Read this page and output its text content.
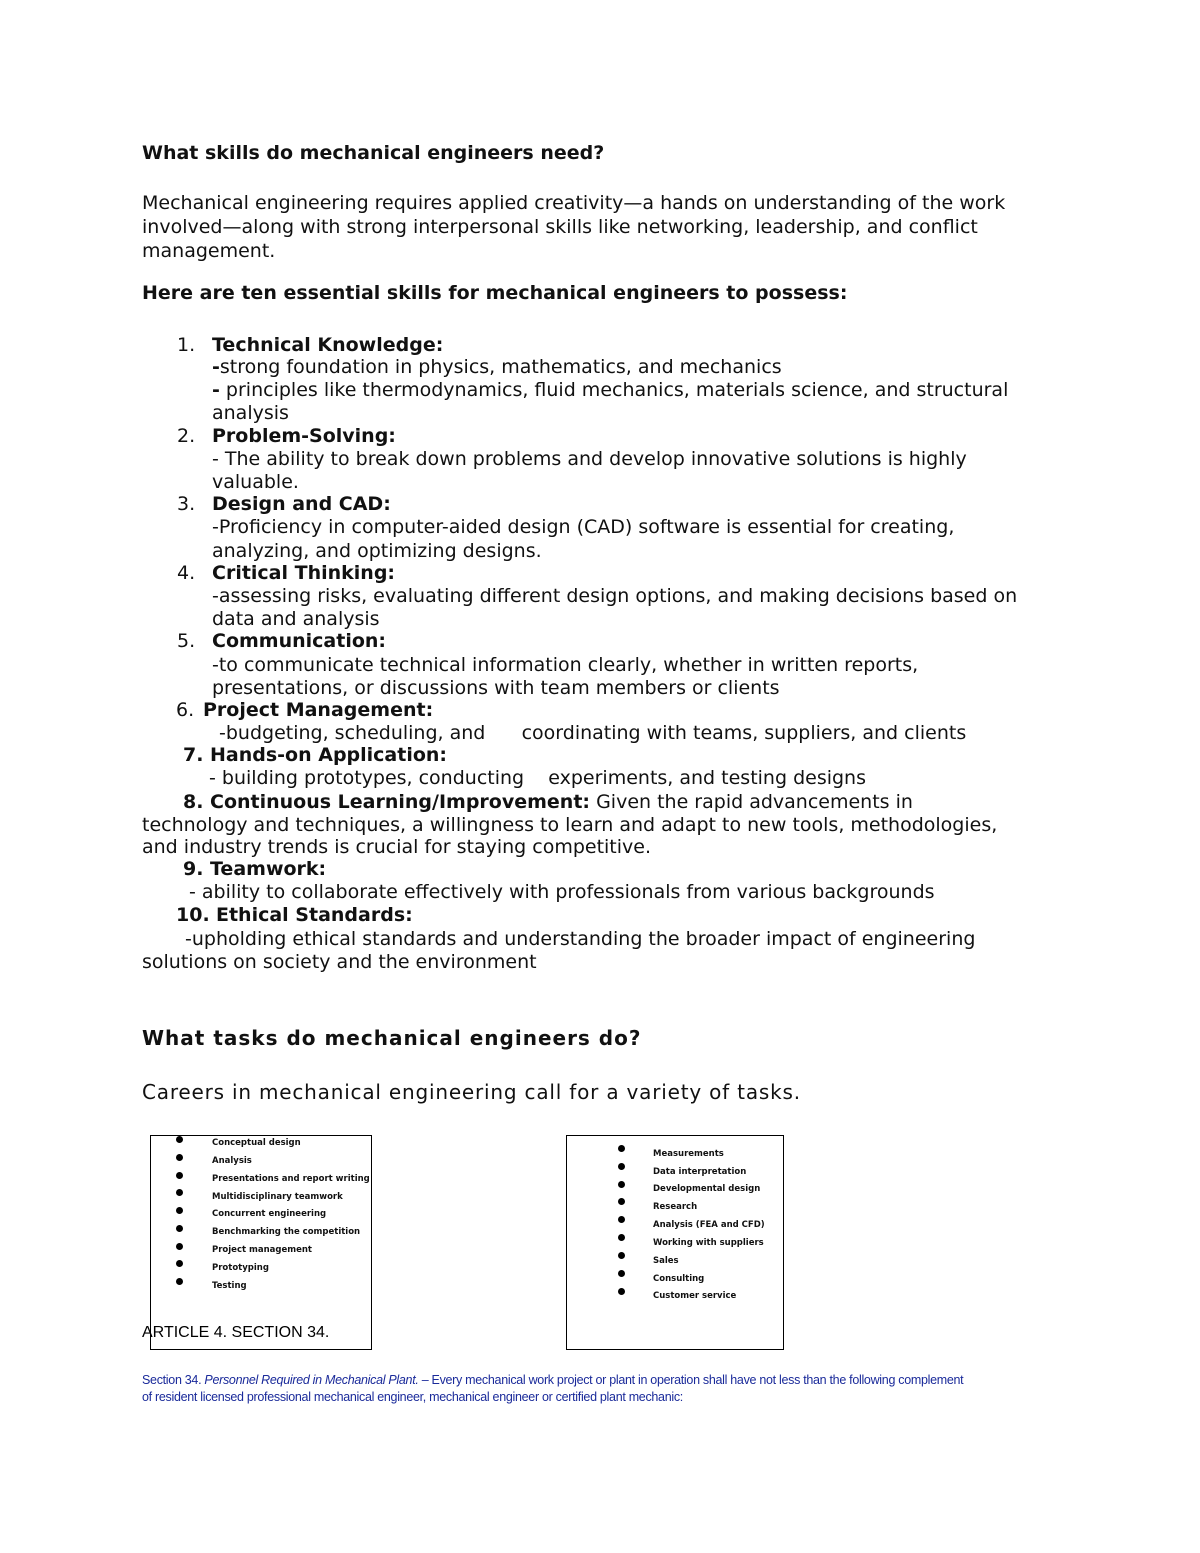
What skills do mechanical engineers need?
Mechanical engineering requires applied creativity—a hands on understanding of the work
involved—along with strong interpersonal skills like networking, leadership, and conflict
management.
Here are ten essential skills for mechanical engineers to possess:
1. Technical Knowledge:
-strong foundation in physics, mathematics, and mechanics
- principles like thermodynamics, fluid mechanics, materials science, and structural
analysis
2. Problem-Solving:
- The ability to break down problems and develop innovative solutions is highly
valuable.
3. Design and CAD:
-Proficiency in computer-aided design (CAD) software is essential for creating,
analyzing, and optimizing designs.
4. Critical Thinking:
-assessing risks, evaluating different design options, and making decisions based on
data and analysis
5. Communication:
-to communicate technical information clearly, whether in written reports,
presentations, or discussions with team members or clients
6. Project Management:
-budgeting, scheduling, and      coordinating with teams, suppliers, and clients
7. Hands-on Application:
- building prototypes, conducting    experiments, and testing designs
8. Continuous Learning/Improvement: Given the rapid advancements in
technology and techniques, a willingness to learn and adapt to new tools, methodologies,
and industry trends is crucial for staying competitive.
9. Teamwork:
- ability to collaborate effectively with professionals from various backgrounds
10. Ethical Standards:
-upholding ethical standards and understanding the broader impact of engineering
solutions on society and the environment
What tasks do mechanical engineers do?
Careers in mechanical engineering call for a variety of tasks.
Conceptual design
Analysis
Presentations and report writing
Multidisciplinary teamwork
Concurrent engineering
Benchmarking the competition
Project management
Prototyping
Testing
ARTICLE 4. SECTION 34.
Measurements
Data interpretation
Developmental design
Research
Analysis (FEA and CFD)
Working with suppliers
Sales
Consulting
Customer service
Section 34. Personnel Required in Mechanical Plant. – Every mechanical work project or plant in operation shall have not less than the following complement
of resident licensed professional mechanical engineer, mechanical engineer or certified plant mechanic:
